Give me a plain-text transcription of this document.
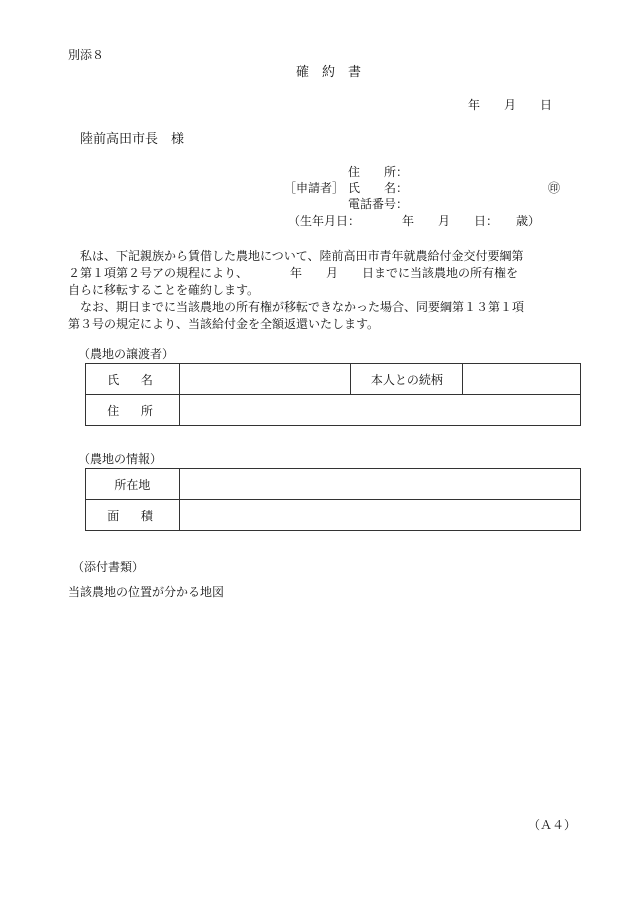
別添８
確　約　書
年　　月　　日
陸前高田市長　様
住　　所：
［申請者］ 氏　　名：	㊞
電話番号：
（生年月日：　　　　年　　月　　日：　　歳）
私は、下記親族から賃借した農地について、陸前高田市青年就農給付金交付要綱第
２第１項第２号アの規程により、　　　　年　　月　　日までに当該農地の所有権を
自らに移転することを確約します。
なお、期日までに当該農地の所有権が移転できなかった場合、同要綱第１３第１項
第３号の規定により、当該給付金を全額返還いたします。
（農地の譲渡者）
氏　名		本人との続柄	
住　所			
（農地の情報）
所在地	
面　積	
（添付書類）
当該農地の位置が分かる地図
（Ａ４）
